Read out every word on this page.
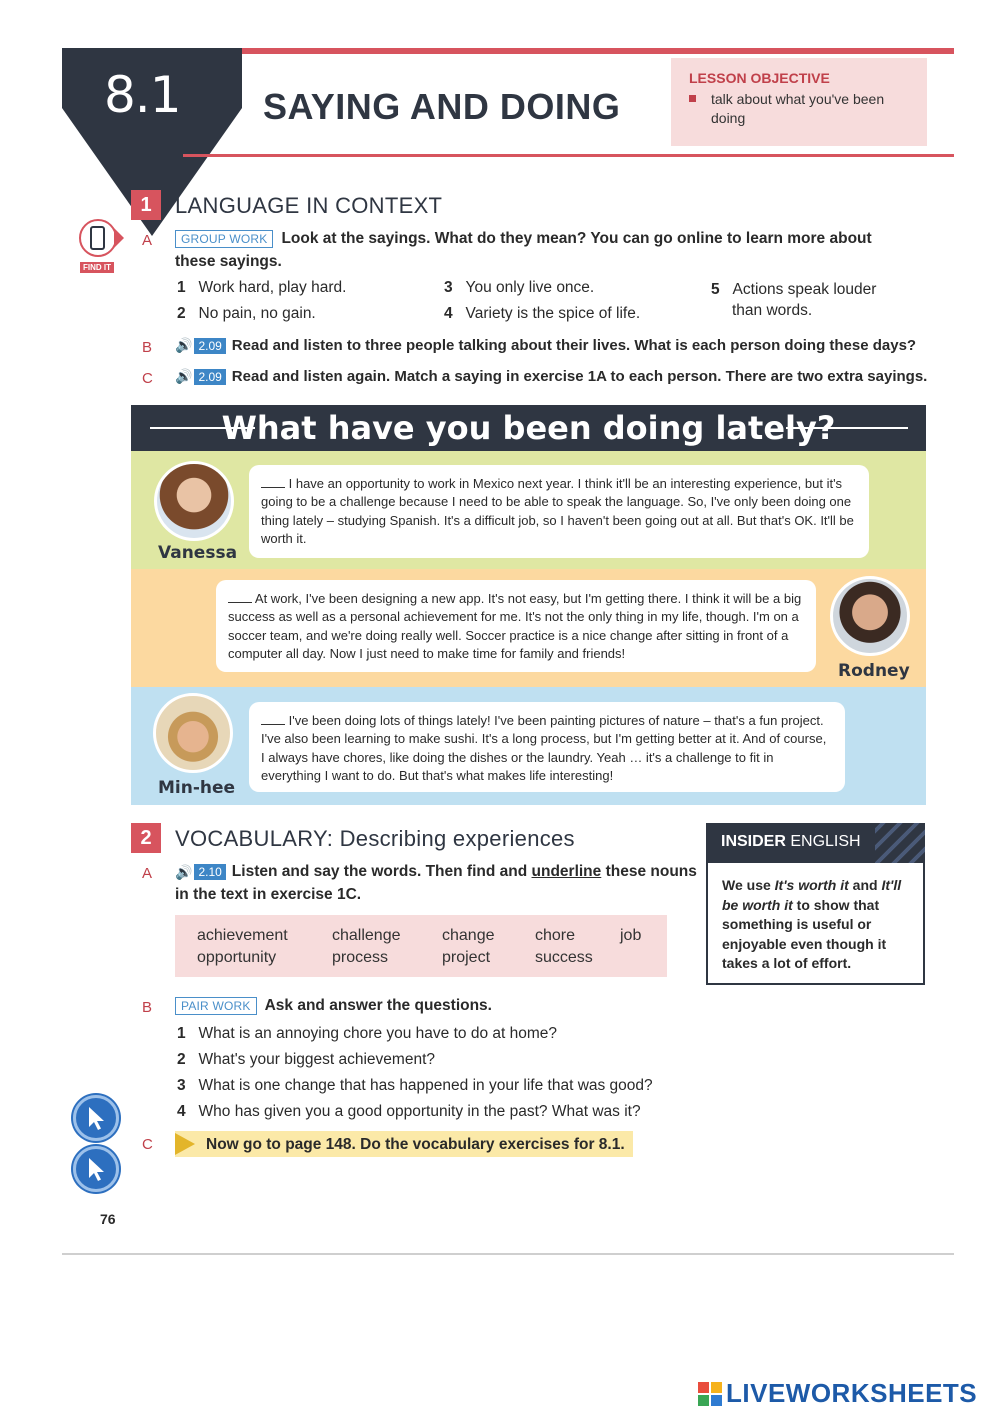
8.1 SAYING AND DOING
LESSON OBJECTIVE
talk about what you've been doing
1	LANGUAGE IN CONTEXT
FIND IT
A	GROUP WORK Look at the sayings. What do they mean? You can go online to learn more about
these sayings.
1 Work hard, play hard.
2 No pain, no gain.
3 You only live once.
4 Variety is the spice of life.
5 Actions speak louder
than words.
B 🔊 2.09 Read and listen to three people talking about their lives. What is each person doing these days?
C 🔊 2.09 Read and listen again. Match a saying in exercise 1A to each person. There are two extra sayings.
What have you been doing lately?
Vanessa
I have an opportunity to work in Mexico next year. I think it'll be an interesting experience, but it's going to be a challenge because I need to be able to speak the language. So, I've only been doing one thing lately – studying Spanish. It's a difficult job, so I haven't been going out at all. But that's OK. It'll be worth it.
At work, I've been designing a new app. It's not easy, but I'm getting there. I think it will be a big success as well as a personal achievement for me. It's not the only thing in my life, though. I'm on a soccer team, and we're doing really well. Soccer practice is a nice change after sitting in front of a computer all day. Now I just need to make time for family and friends!
Rodney
Min-hee
I've been doing lots of things lately! I've been painting pictures of nature – that's a fun project. I've also been learning to make sushi. It's a long process, but I'm getting better at it. And of course, I always have chores, like doing the dishes or the laundry. Yeah … it's a challenge to fit in everything I want to do. But that's what makes life interesting!
2	VOCABULARY: Describing experiences
A 🔊 2.10 Listen and say the words. Then find and underline these nouns
in the text in exercise 1C.
achievement	challenge	change	chore	job
opportunity	process	project	success
INSIDER ENGLISH
We use It's worth it and It'll be worth it to show that something is useful or enjoyable even though it takes a lot of effort.
B	PAIR WORK Ask and answer the questions.
1 What is an annoying chore you have to do at home?
2 What's your biggest achievement?
3 What is one change that has happened in your life that was good?
4 Who has given you a good opportunity in the past? What was it?
C	Now go to page 148. Do the vocabulary exercises for 8.1.
76
LIVEWORKSHEETS
